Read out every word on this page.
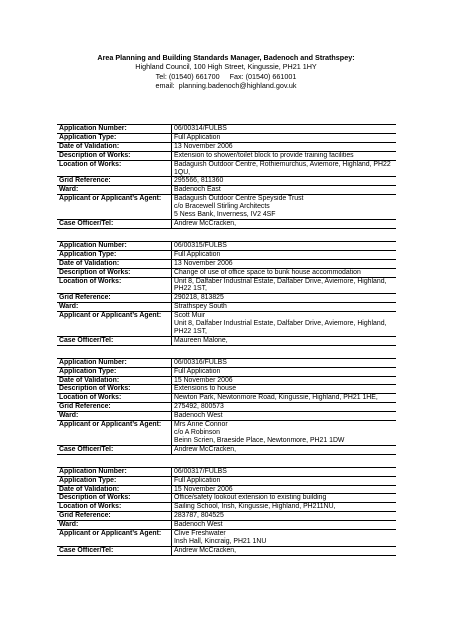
Area Planning and Building Standards Manager, Badenoch and Strathspey:
Highland Council, 100 High Street, Kingussie, PH21 1HY
Tel: (01540) 661700     Fax: (01540) 661001
email:  planning.badenoch@highland.gov.uk
Application Number:	06/00314/FULBS
Application Type:	Full Application
Date of Validation:	13 November 2006
Description of Works:	Extension to shower/toilet block to provide training facilities
Location of Works:	Badaguish Outdoor Centre, Rothiemurchus, Aviemore, Highland, PH22 1QU,
Grid Reference:	295566, 811360
Ward:	Badenoch East
Applicant or Applicant’s Agent:	Badaguish Outdoor Centre Speyside Trust
	c/o Bracewell Stirling Architects
	5 Ness Bank, Inverness, IV2 4SF
Case Officer/Tel:	Andrew McCracken,
Application Number:	06/00315/FULBS
Application Type:	Full Application
Date of Validation:	13 November 2006
Description of Works:	Change of use of office space to bunk house accommodation
Location of Works:	Unit 8, Dalfaber Industrial Estate, Dalfaber Drive, Aviemore, Highland, PH22 1ST,
Grid Reference:	290218, 813825
Ward:	Strathspey South
Applicant or Applicant’s Agent:	Scott Muir
	Unit 8, Dalfaber Industrial Estate, Dalfaber Drive, Aviemore, Highland, PH22 1ST,
Case Officer/Tel:	Maureen Malone,
Application Number:	06/00316/FULBS
Application Type:	Full Application
Date of Validation:	15 November 2006
Description of Works:	Extensions to house
Location of Works:	Newton Park, Newtonmore Road, Kingussie, Highland, PH21 1HE,
Grid Reference:	275492, 800573
Ward:	Badenoch West
Applicant or Applicant’s Agent:	Mrs Anne Connor
	c/o A Robinson
	Beinn Scrien, Braeside Place, Newtonmore, PH21 1DW
Case Officer/Tel:	Andrew McCracken,
Application Number:	06/00317/FULBS
Application Type:	Full Application
Date of Validation:	15 November 2006
Description of Works:	Office/safety lookout extension to existing building
Location of Works:	Sailing School, Insh, Kingussie, Highland, PH211NU,
Grid Reference:	283787, 804525
Ward:	Badenoch West
Applicant or Applicant’s Agent:	Clive Freshwater
	Insh Hall, Kincraig, PH21 1NU
Case Officer/Tel:	Andrew McCracken,
